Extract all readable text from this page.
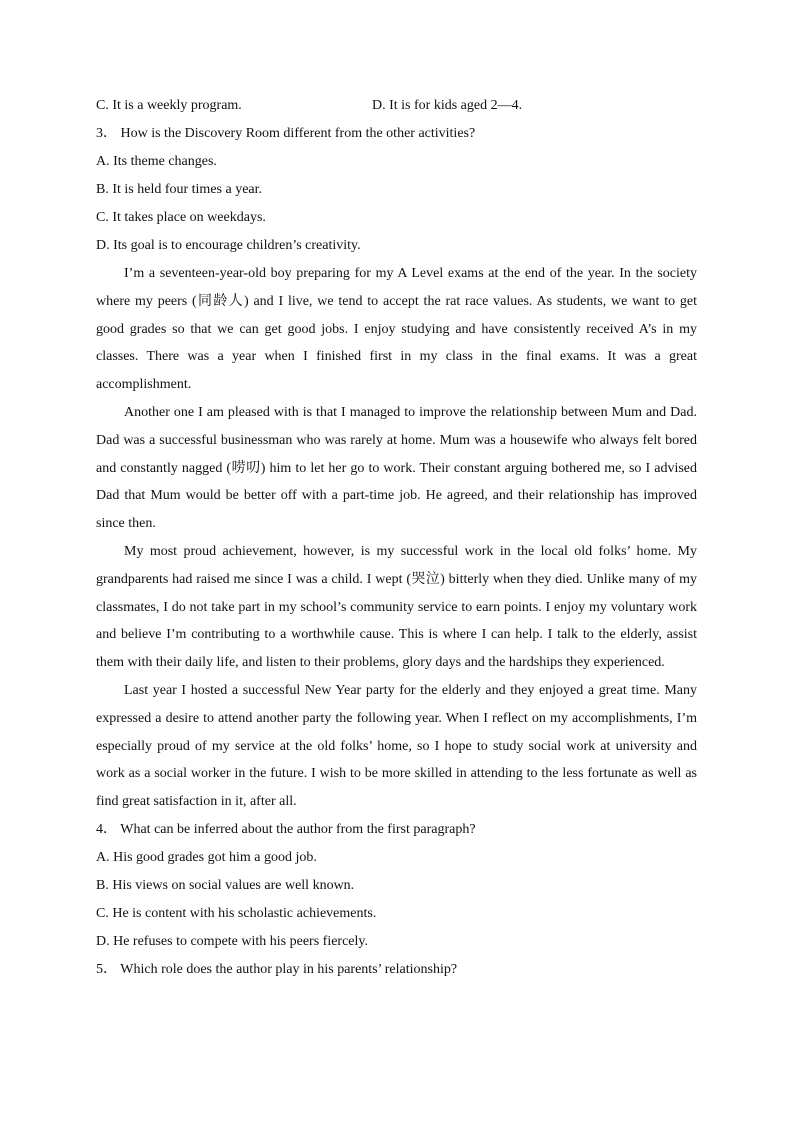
C. It is a weekly program.	D. It is for kids aged 2—4.
3． How is the Discovery Room different from the other activities?
A. Its theme changes.
B. It is held four times a year.
C. It takes place on weekdays.
D. Its goal is to encourage children’s creativity.

I’m a seventeen-year-old boy preparing for my A Level exams at the end of the year. In the society where my peers (同龄人) and I live, we tend to accept the rat race values. As students, we want to get good grades so that we can get good jobs. I enjoy studying and have consistently received A’s in my classes. There was a year when I finished first in my class in the final exams. It was a great accomplishment.

Another one I am pleased with is that I managed to improve the relationship between Mum and Dad. Dad was a successful businessman who was rarely at home. Mum was a housewife who always felt bored and constantly nagged (唠叨) him to let her go to work. Their constant arguing bothered me, so I advised Dad that Mum would be better off with a part-time job. He agreed, and their relationship has improved since then.

My most proud achievement, however, is my successful work in the local old folks’ home. My grandparents had raised me since I was a child. I wept (哭泣) bitterly when they died. Unlike many of my classmates, I do not take part in my school’s community service to earn points. I enjoy my voluntary work and believe I’m contributing to a worthwhile cause. This is where I can help. I talk to the elderly, assist them with their daily life, and listen to their problems, glory days and the hardships they experienced.

Last year I hosted a successful New Year party for the elderly and they enjoyed a great time. Many expressed a desire to attend another party the following year. When I reflect on my accomplishments, I’m especially proud of my service at the old folks’ home, so I hope to study social work at university and work as a social worker in the future. I wish to be more skilled in attending to the less fortunate as well as find great satisfaction in it, after all.

4． What can be inferred about the author from the first paragraph?
A. His good grades got him a good job.
B. His views on social values are well known.
C. He is content with his scholastic achievements.
D. He refuses to compete with his peers fiercely.
5． Which role does the author play in his parents’ relationship?
